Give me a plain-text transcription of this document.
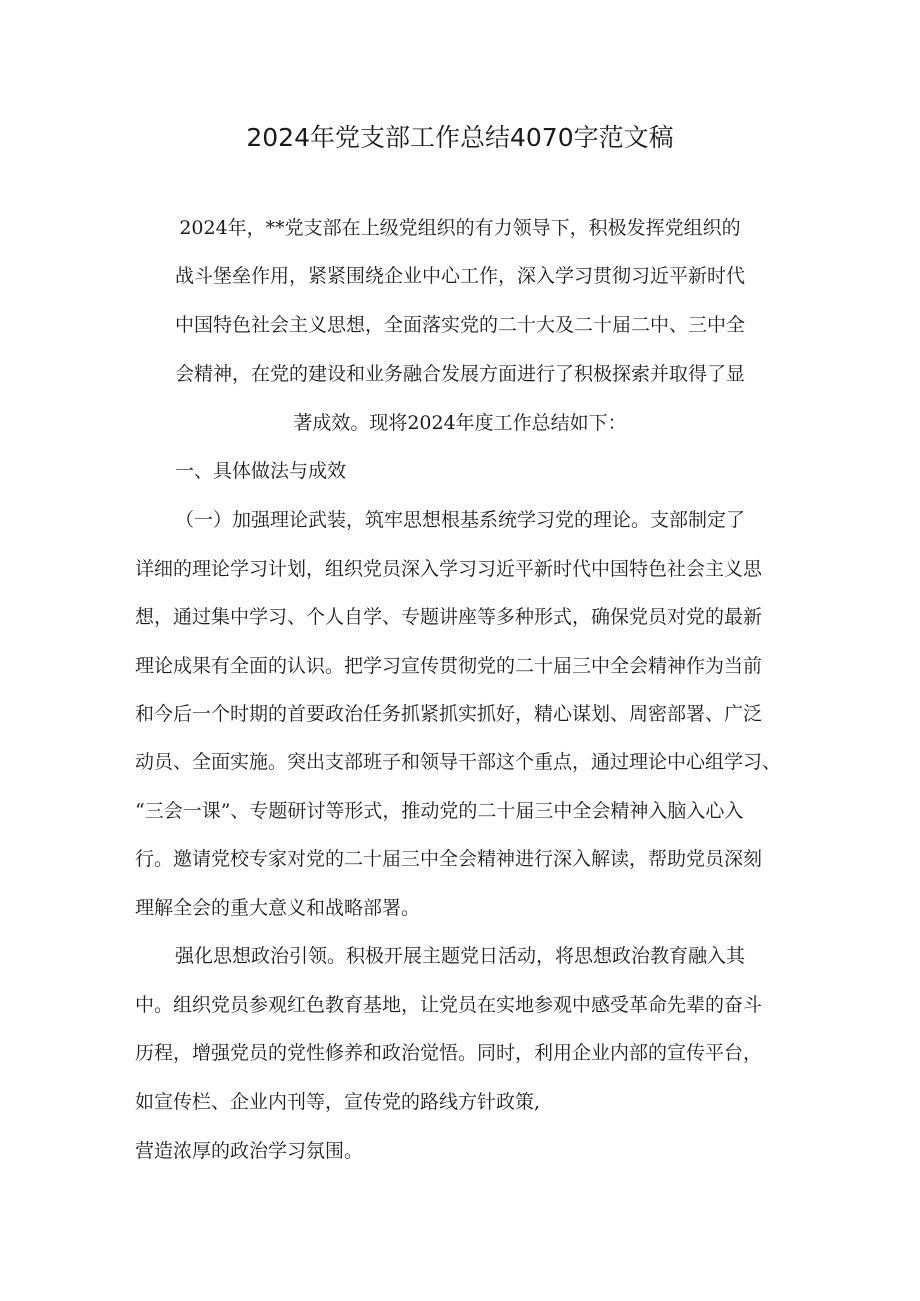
2024年党支部工作总结4070字范文稿
2024年，**党支部在上级党组织的有力领导下，积极发挥党组织的
战斗堡垒作用，紧紧围绕企业中心工作，深入学习贯彻习近平新时代
中国特色社会主义思想，全面落实党的二十大及二十届二中、三中全
会精神，在党的建设和业务融合发展方面进行了积极探索并取得了显
著成效。现将2024年度工作总结如下：
一、具体做法与成效
（一）加强理论武装，筑牢思想根基系统学习党的理论。支部制定了
详细的理论学习计划，组织党员深入学习习近平新时代中国特色社会主义思
想，通过集中学习、个人自学、专题讲座等多种形式，确保党员对党的最新
理论成果有全面的认识。把学习宣传贯彻党的二十届三中全会精神作为当前
和今后一个时期的首要政治任务抓紧抓实抓好，精心谋划、周密部署、广泛
动员、全面实施。突出支部班子和领导干部这个重点，通过理论中心组学习、
“三会一课”、专题研讨等形式，推动党的二十届三中全会精神入脑入心入
行。邀请党校专家对党的二十届三中全会精神进行深入解读，帮助党员深刻
理解全会的重大意义和战略部署。
强化思想政治引领。积极开展主题党日活动，将思想政治教育融入其
中。组织党员参观红色教育基地，让党员在实地参观中感受革命先辈的奋斗
历程，增强党员的党性修养和政治觉悟。同时，利用企业内部的宣传平台，
如宣传栏、企业内刊等，宣传党的路线方针政策,
营造浓厚的政治学习氛围。
